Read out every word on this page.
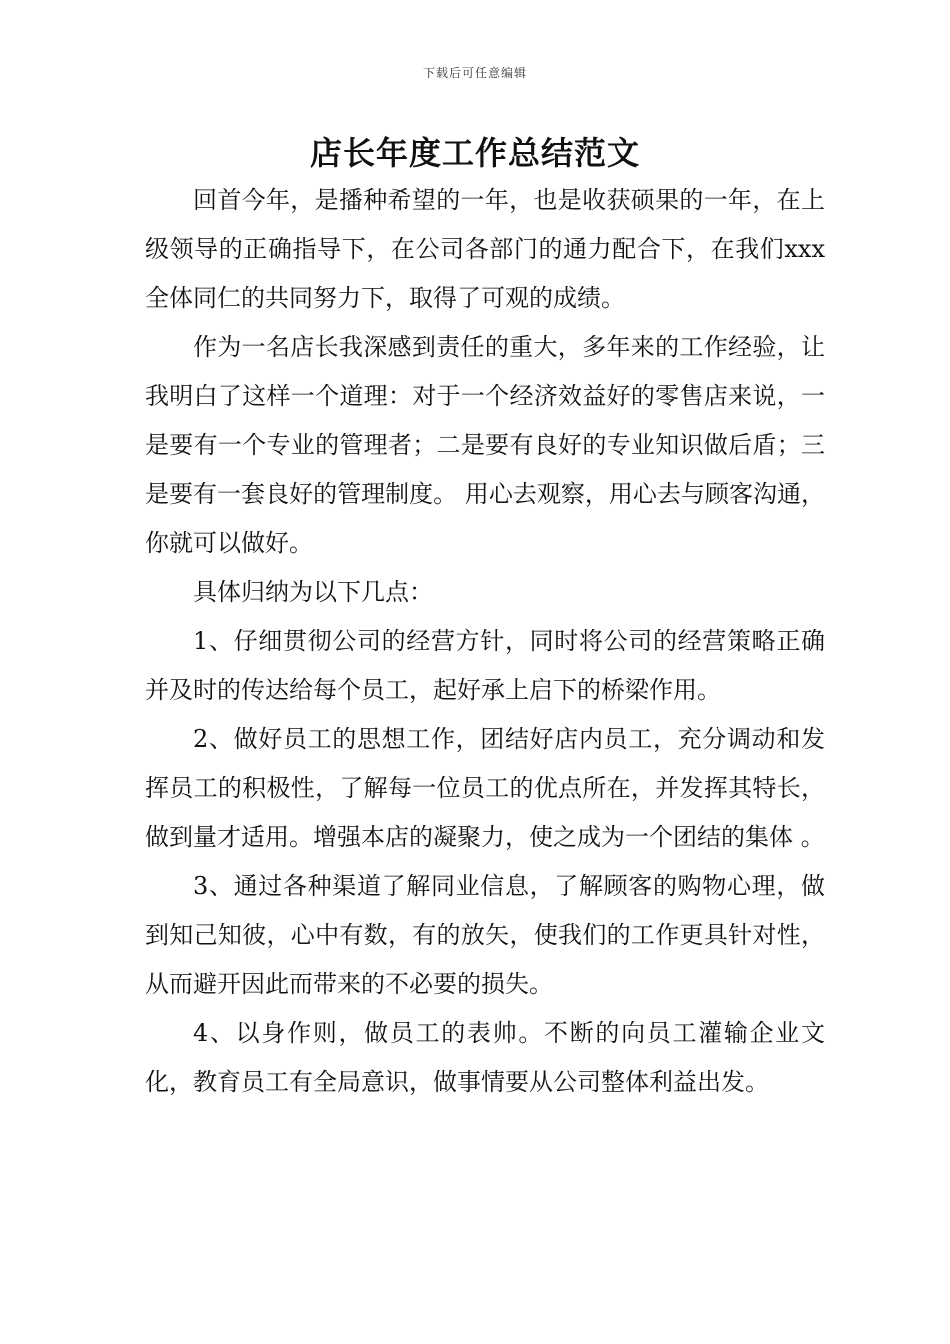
下载后可任意编辑
店长年度工作总结范文

回首今年，是播种希望的一年，也是收获硕果的一年，在上级领导的正确指导下，在公司各部门的通力配合下，在我们xxx全体同仁的共同努力下，取得了可观的成绩。

作为一名店长我深感到责任的重大，多年来的工作经验，让我明白了这样一个道理：对于一个经济效益好的零售店来说，一是要有一个专业的管理者；二是要有良好的专业知识做后盾；三是要有一套良好的管理制度。 用心去观察，用心去与顾客沟通，你就可以做好。

具体归纳为以下几点：

1、仔细贯彻公司的经营方针，同时将公司的经营策略正确并及时的传达给每个员工，起好承上启下的桥梁作用。

2、做好员工的思想工作，团结好店内员工，充分调动和发挥员工的积极性，了解每一位员工的优点所在，并发挥其特长，做到量才适用。增强本店的凝聚力，使之成为一个团结的集体 。

3、通过各种渠道了解同业信息，了解顾客的购物心理，做到知己知彼，心中有数，有的放矢，使我们的工作更具针对性，从而避开因此而带来的不必要的损失。

4、以身作则，做员工的表帅。不断的向员工灌输企业文化，教育员工有全局意识，做事情要从公司整体利益出发。
